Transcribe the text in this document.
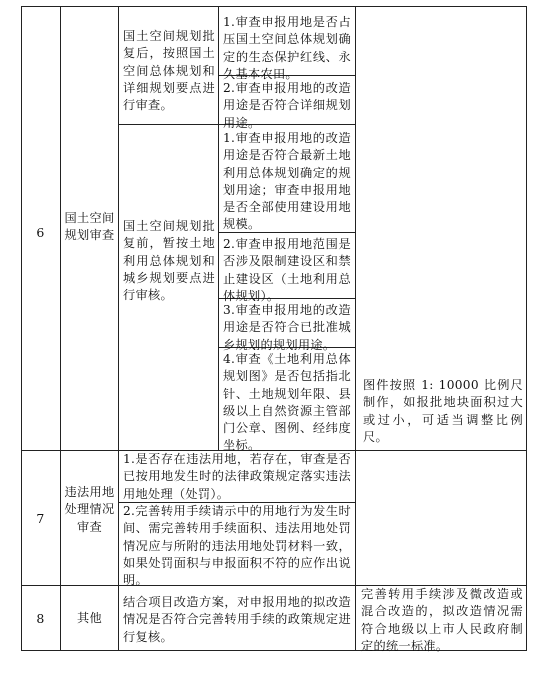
6
国土空间规划审查
国土空间规划批复后，按照国土空间总体规划和详细规划要点进行审查。
1.审查申报用地是否占压国土空间总体规划确定的生态保护红线、永久基本农田。
2.审查申报用地的改造用途是否符合详细规划用途。
国土空间规划批复前，暂按土地利用总体规划和城乡规划要点进行审核。
1.审查申报用地的改造用途是否符合最新土地利用总体规划确定的规划用途；审查申报用地是否全部使用建设用地规模。
2.审查申报用地范围是否涉及限制建设区和禁止建设区（土地利用总体规划）。
3.审查申报用地的改造用途是否符合已批准城乡规划的规划用途。
4.审查《土地利用总体规划图》是否包括指北针、土地规划年限、县级以上自然资源主管部门公章、图例、经纬度坐标。
图件按照 1: 10000 比例尺制作，如报批地块面积过大或过小，可适当调整比例尺。
7
违法用地处理情况审查
1.是否存在违法用地，若存在，审查是否已按用地发生时的法律政策规定落实违法用地处理（处罚）。
2.完善转用手续请示中的用地行为发生时间、需完善转用手续面积、违法用地处罚情况应与所附的违法用地处罚材料一致，如果处罚面积与申报面积不符的应作出说明。
8	其他
结合项目改造方案，对申报用地的拟改造情况是否符合完善转用手续的政策规定进行复核。
完善转用手续涉及微改造或混合改造的，拟改造情况需符合地级以上市人民政府制定的统一标准。
